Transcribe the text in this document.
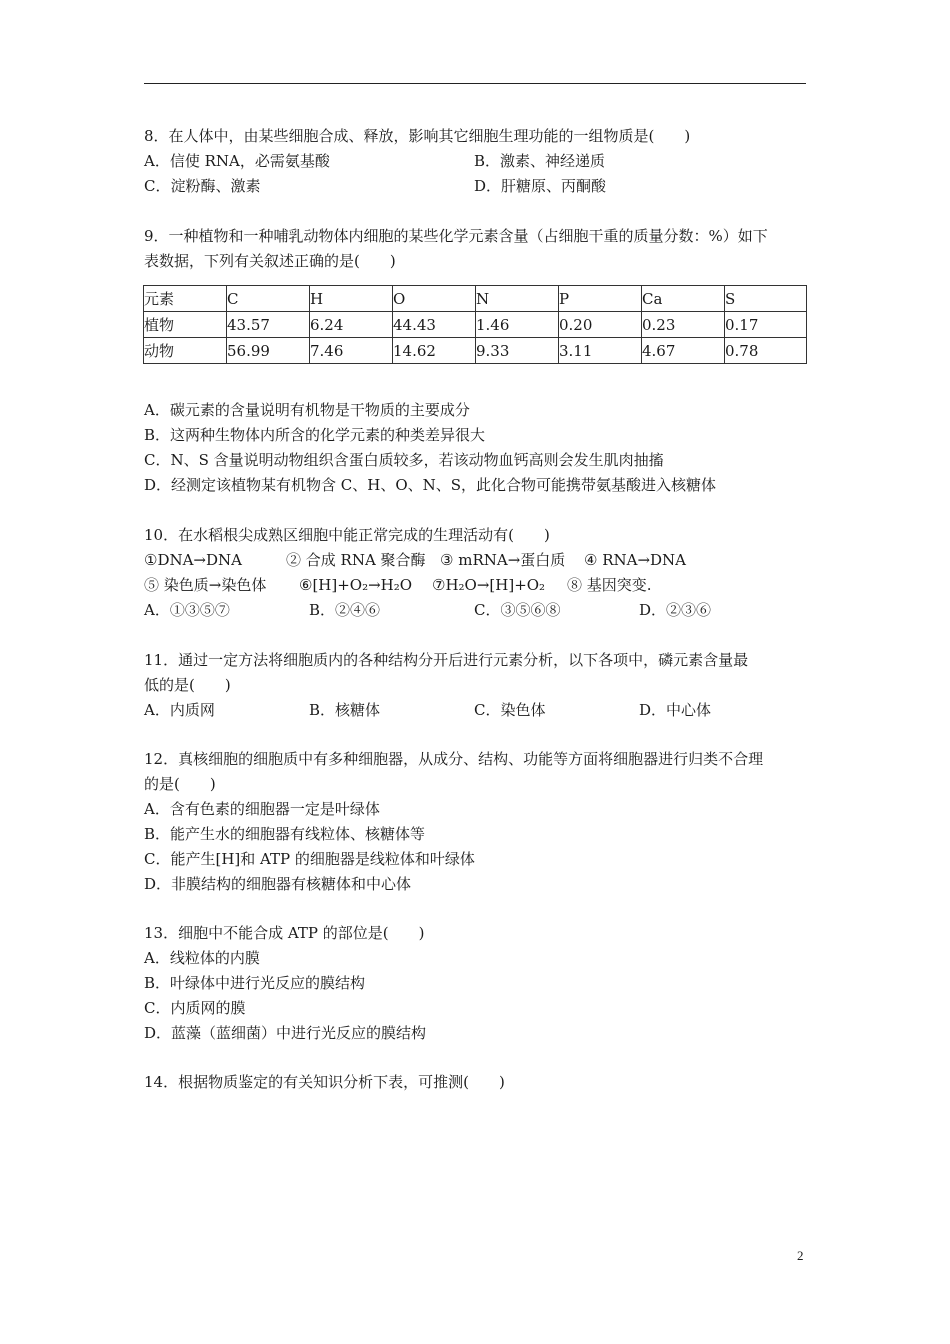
8．在人体中，由某些细胞合成、释放，影响其它细胞生理功能的一组物质是(　　)
A．信使 RNA，必需氨基酸	B．激素、神经递质
C．淀粉酶、激素	D．肝糖原、丙酮酸
9．一种植物和一种哺乳动物体内细胞的某些化学元素含量（占细胞干重的质量分数：%）如下
表数据，下列有关叙述正确的是(　　)
元素	C	H	O	N	P	Ca	S
植物	43.57	6.24	44.43	1.46	0.20	0.23	0.17
动物	56.99	7.46	14.62	9.33	3.11	4.67	0.78
A．碳元素的含量说明有机物是干物质的主要成分
B．这两种生物体内所含的化学元素的种类差异很大
C．N、S 含量说明动物组织含蛋白质较多，若该动物血钙高则会发生肌肉抽搐
D．经测定该植物某有机物含 C、H、O、N、S，此化合物可能携带氨基酸进入核糖体
10．在水稻根尖成熟区细胞中能正常完成的生理活动有(　　)
①DNA→DNA	② 合成 RNA 聚合酶 ③ mRNA→蛋白质 ④ RNA→DNA
⑤ 染色质→染色体 ⑥[H]+O₂→H₂O ⑦H₂O→[H]+O₂ ⑧ 基因突变.
A．①③⑤⑦	B．②④⑥	C．③⑤⑥⑧	D．②③⑥
11．通过一定方法将细胞质内的各种结构分开后进行元素分析，以下各项中，磷元素含量最
低的是(　　)
A．内质网	B．核糖体	C．染色体	D．中心体
12．真核细胞的细胞质中有多种细胞器，从成分、结构、功能等方面将细胞器进行归类不合理
的是(　　)
A．含有色素的细胞器一定是叶绿体
B．能产生水的细胞器有线粒体、核糖体等
C．能产生[H]和 ATP 的细胞器是线粒体和叶绿体
D．非膜结构的细胞器有核糖体和中心体
13．细胞中不能合成 ATP 的部位是(　　)
A．线粒体的内膜
B．叶绿体中进行光反应的膜结构
C．内质网的膜
D．蓝藻（蓝细菌）中进行光反应的膜结构
14．根据物质鉴定的有关知识分析下表，可推测(　　)
2
